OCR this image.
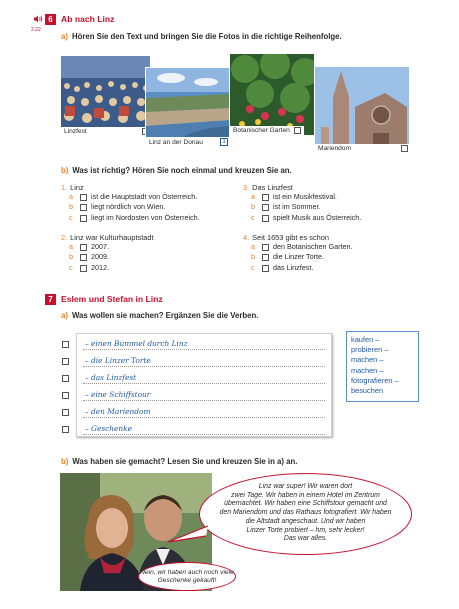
2.22
6 Ab nach Linz
a) Hören Sie den Text und bringen Sie die Fotos in die richtige Reihenfolge.
Linzfest
Linz an der Donau	1
Botanischer Garten
Mariendom
b) Was ist richtig? Hören Sie noch einmal und kreuzen Sie an.
1. Linz
a	ist die Hauptstadt von Österreich.
b	liegt nördlich von Wien.
c	liegt im Nordosten von Österreich.
2. Linz war Kulturhauptstadt
a	2007.
b	2009.
c	2012.
3. Das Linzfest
a	ist ein Musikfestival.
b	ist im Sommer.
c	spielt Musik aus Österreich.
4. Seit 1653 gibt es schon
a	den Botanischen Garten.
b	die Linzer Torte.
c	das Linzfest.
7 Eslem und Stefan in Linz
a) Was wollen sie machen? Ergänzen Sie die Verben.
– einen Bummel durch Linz
– die Linzer Torte
– das Linzfest
– eine Schiffstour
– den Mariendom
– Geschenke
kaufen –
probieren –
machen –
machen –
fotografieren –
besuchen
b) Was haben sie gemacht? Lesen Sie und kreuzen Sie in a) an.
Linz war super! Wir waren dort
zwei Tage. Wir haben in einem Hotel im Zentrum
übernachtet. Wir haben eine Schiffstour gemacht und
den Mariendom und das Rathaus fotografiert. Wir haben
die Altstadt angeschaut. Und wir haben
Linzer Torte probiert – hm, sehr lecker!
Das war alles.
Nein, wir haben auch noch viele
Geschenke gekauft!
